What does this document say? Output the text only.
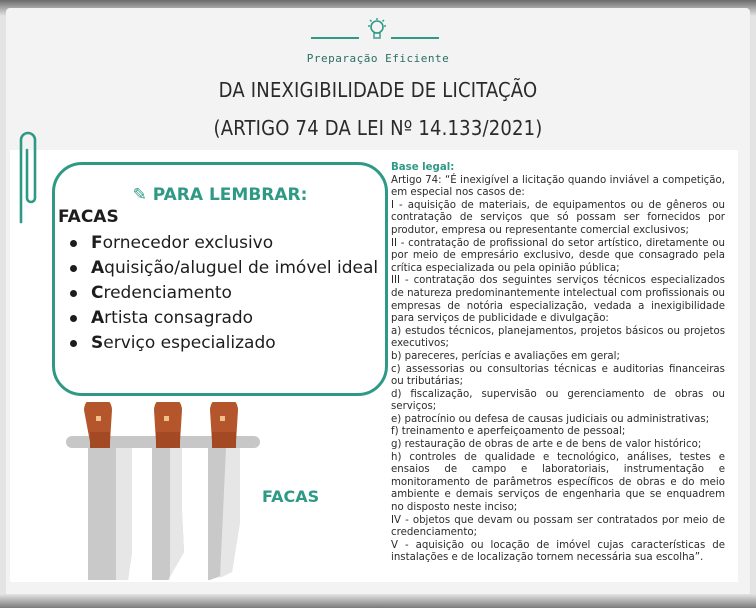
Preparação Eficiente
DA INEXIGIBILIDADE DE LICITAÇÃO
(ARTIGO 74 DA LEI Nº 14.133/2021)
✎ PARA LEMBRAR:
FACAS
Fornecedor exclusivo
Aquisição/aluguel de imóvel ideal
Credenciamento
Artista consagrado
Serviço especializado
FACAS

Base legal:

Artigo 74: “É inexigível a licitação quando inviável a competição, em especial nos casos de:

I - aquisição de materiais, de equipamentos ou de gêneros ou contratação de serviços que só possam ser fornecidos por produtor, empresa ou representante comercial exclusivos;

II - contratação de profissional do setor artístico, diretamente ou por meio de empresário exclusivo, desde que consagrado pela crítica especializada ou pela opinião pública;

III - contratação dos seguintes serviços técnicos especializados de natureza predominantemente intelectual com profissionais ou empresas de notória especialização, vedada a inexigibilidade para serviços de publicidade e divulgação:

a) estudos técnicos, planejamentos, projetos básicos ou projetos executivos;

b) pareceres, perícias e avaliações em geral;

c) assessorias ou consultorias técnicas e auditorias financeiras ou tributárias;

d) fiscalização, supervisão ou gerenciamento de obras ou serviços;

e) patrocínio ou defesa de causas judiciais ou administrativas;

f) treinamento e aperfeiçoamento de pessoal;

g) restauração de obras de arte e de bens de valor histórico;

h) controles de qualidade e tecnológico, análises, testes e ensaios de campo e laboratoriais, instrumentação e monitoramento de parâmetros específicos de obras e do meio ambiente e demais serviços de engenharia que se enquadrem no disposto neste inciso;

IV - objetos que devam ou possam ser contratados por meio de credenciamento;

V - aquisição ou locação de imóvel cujas características de instalações e de localização tornem necessária sua escolha”.
